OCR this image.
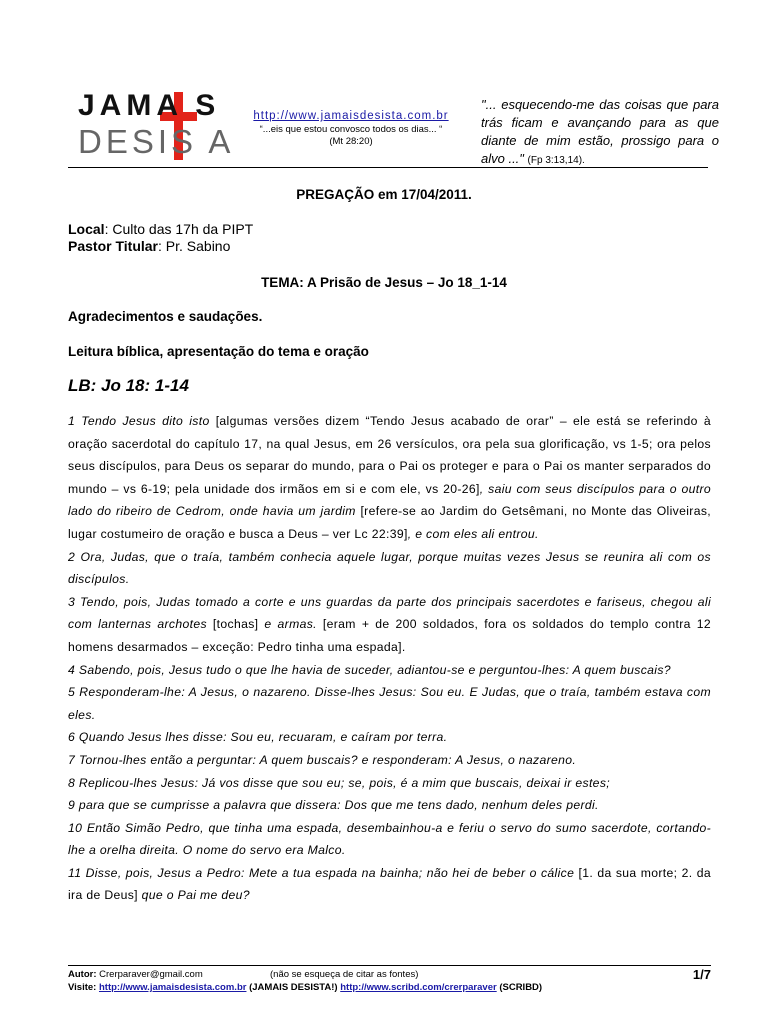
JAMA S
DESIS A
http://www.jamaisdesista.com.br
“...eis que estou convosco todos os dias... “
(Mt 28:20)
"... esquecendo-me das coisas que para trás ficam e avançando para as que diante de mim estão, prossigo para o alvo ..." (Fp 3:13,14).
PREGAÇÃO em 17/04/2011.
Local: Culto das 17h da PIPT
Pastor Titular: Pr. Sabino
TEMA: A Prisão de Jesus – Jo 18_1-14
Agradecimentos e saudações.
Leitura bíblica, apresentação do tema e oração
LB: Jo 18: 1-14

1 Tendo Jesus dito isto [algumas versões dizem “Tendo Jesus acabado de orar” – ele está se referindo à oração sacerdotal do capítulo 17, na qual Jesus, em 26 versículos, ora pela sua glorificação, vs 1-5; ora pelos seus discípulos, para Deus os separar do mundo, para o Pai os proteger e para o Pai os manter serparados do mundo – vs 6-19; pela unidade dos irmãos em si e com ele, vs 20-26], saiu com seus discípulos para o outro lado do ribeiro de Cedrom, onde havia um jardim [refere-se ao Jardim do Getsêmani, no Monte das Oliveiras, lugar costumeiro de oração e busca a Deus – ver Lc 22:39], e com eles ali entrou.

2 Ora, Judas, que o traía, também conhecia aquele lugar, porque muitas vezes Jesus se reunira ali com os discípulos.

3 Tendo, pois, Judas tomado a corte e uns guardas da parte dos principais sacerdotes e fariseus, chegou ali com lanternas archotes [tochas] e armas. [eram + de 200 soldados, fora os soldados do templo contra 12 homens desarmados – exceção: Pedro tinha uma espada].

4 Sabendo, pois, Jesus tudo o que lhe havia de suceder, adiantou-se e perguntou-lhes: A quem buscais?

5 Responderam-lhe: A Jesus, o nazareno. Disse-lhes Jesus: Sou eu. E Judas, que o traía, também estava com eles.

6 Quando Jesus lhes disse: Sou eu, recuaram, e caíram por terra.

7 Tornou-lhes então a perguntar: A quem buscais? e responderam: A Jesus, o nazareno.

8 Replicou-lhes Jesus: Já vos disse que sou eu; se, pois, é a mim que buscais, deixai ir estes;

9 para que se cumprisse a palavra que dissera: Dos que me tens dado, nenhum deles perdi.

10 Então Simão Pedro, que tinha uma espada, desembainhou-a e feriu o servo do sumo sacerdote, cortando-lhe a orelha direita. O nome do servo era Malco.

11 Disse, pois, Jesus a Pedro: Mete a tua espada na bainha; não hei de beber o cálice [1. da sua morte; 2. da ira de Deus] que o Pai me deu?

Autor: Crerparaver@gmail.com	(não se esqueça de citar as fontes)	1/7
Visite: http://www.jamaisdesista.com.br (JAMAIS DESISTA!) http://www.scribd.com/crerparaver (SCRIBD)
